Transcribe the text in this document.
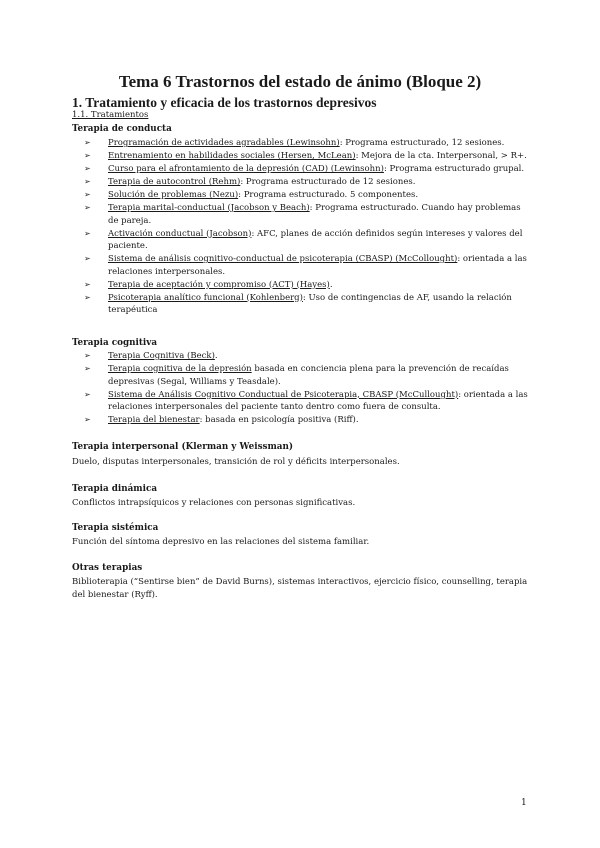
Tema 6 Trastornos del estado de ánimo (Bloque 2)
1. Tratamiento y eficacia de los trastornos depresivos
1.1. Tratamientos
Terapia de conducta
➢ Programación de actividades agradables (Lewinsohn): Programa estructurado, 12 sesiones.
➢ Entrenamiento en habilidades sociales (Hersen, McLean): Mejora de la cta. Interpersonal, > R+.
➢ Curso para el afrontamiento de la depresión (CAD) (Lewinsohn): Programa estructurado grupal.
➢ Terapia de autocontrol (Rehm): Programa estructurado de 12 sesiones.
➢ Solución de problemas (Nezu): Programa estructurado. 5 componentes.
➢ Terapia marital-conductual (Jacobson y Beach): Programa estructurado. Cuando hay problemas de pareja.
➢ Activación conductual (Jacobson): AFC, planes de acción definidos según intereses y valores del paciente.
➢ Sistema de análisis cognitivo-conductual de psicoterapia (CBASP) (McCollought): orientada a las relaciones interpersonales.
➢ Terapia de aceptación y compromiso (ACT) (Hayes).
➢ Psicoterapia analítico funcional (Kohlenberg): Uso de contingencias de AF, usando la relación terapéutica
Terapia cognitiva
➢ Terapia Cognitiva (Beck).
➢ Terapia cognitiva de la depresión basada en conciencia plena para la prevención de recaídas depresivas (Segal, Williams y Teasdale).
➢ Sistema de Análisis Cognitivo Conductual de Psicoterapia, CBASP (McCullought): orientada a las relaciones interpersonales del paciente tanto dentro como fuera de consulta.
➢ Terapia del bienestar: basada en psicología positiva (Riff).
Terapia interpersonal (Klerman y Weissman)

Duelo, disputas interpersonales, transición de rol y déficits interpersonales.

Terapia dinámica

Conflictos intrapsíquicos y relaciones con personas significativas.

Terapia sistémica

Función del síntoma depresivo en las relaciones del sistema familiar.

Otras terapias

Biblioterapia (“Sentirse bien” de David Burns), sistemas interactivos, ejercicio físico, counselling, terapia del bienestar (Ryff).

1
